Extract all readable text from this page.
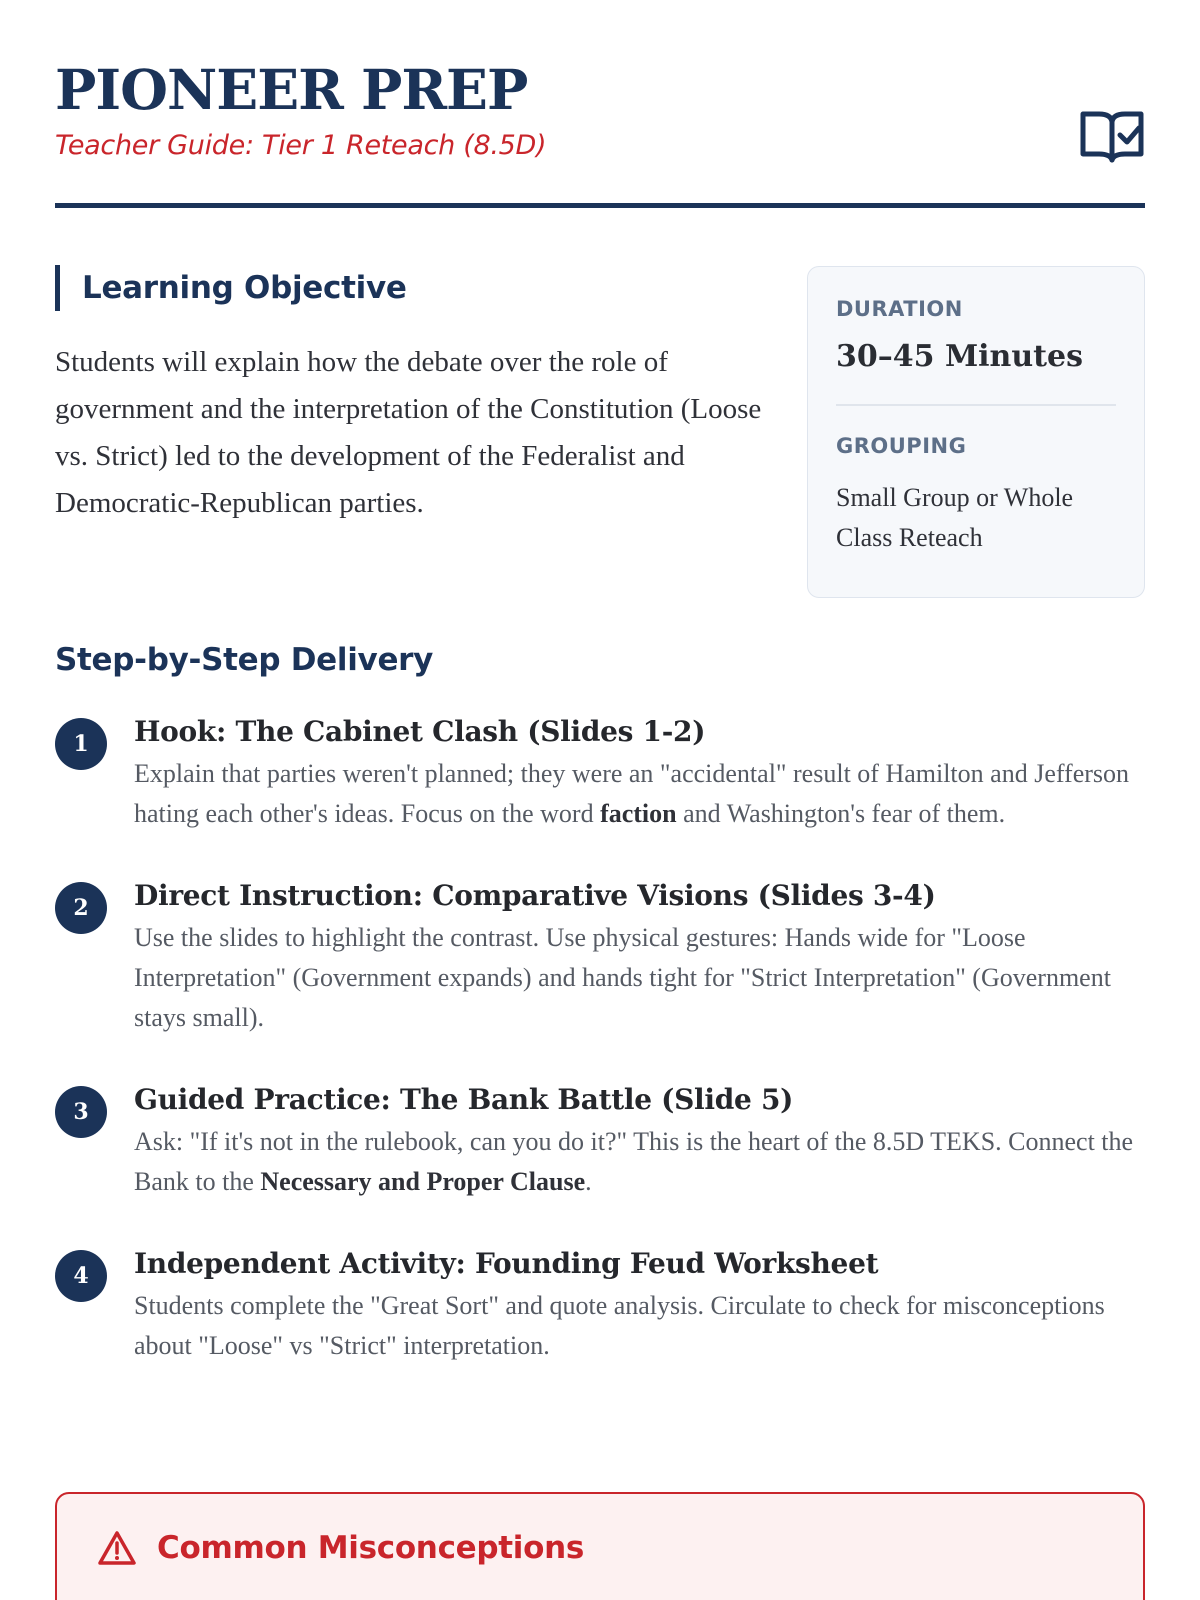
PIONEER PREP
Teacher Guide: Tier 1 Reteach (8.5D)
Learning Objective

Students will explain how the debate over the role of government and the interpretation of the Constitution (Loose vs. Strict) led to the development of the Federalist and Democratic-Republican parties.

DURATION
30–45 Minutes
GROUPING
Small Group or Whole Class Reteach
Step-by-Step Delivery
1	Hook: The Cabinet Clash (Slides 1-2)

Explain that parties weren't planned; they were an "accidental" result of Hamilton and Jefferson hating each other's ideas. Focus on the word faction and Washington's fear of them.

2	Direct Instruction: Comparative Visions (Slides 3-4)

Use the slides to highlight the contrast. Use physical gestures: Hands wide for "Loose Interpretation" (Government expands) and hands tight for "Strict Interpretation" (Government stays small).

3	Guided Practice: The Bank Battle (Slide 5)

Ask: "If it's not in the rulebook, can you do it?" This is the heart of the 8.5D TEKS. Connect the Bank to the Necessary and Proper Clause.

4	Independent Activity: Founding Feud Worksheet

Students complete the "Great Sort" and quote analysis. Circulate to check for misconceptions about "Loose" vs "Strict" interpretation.

Common Misconceptions
